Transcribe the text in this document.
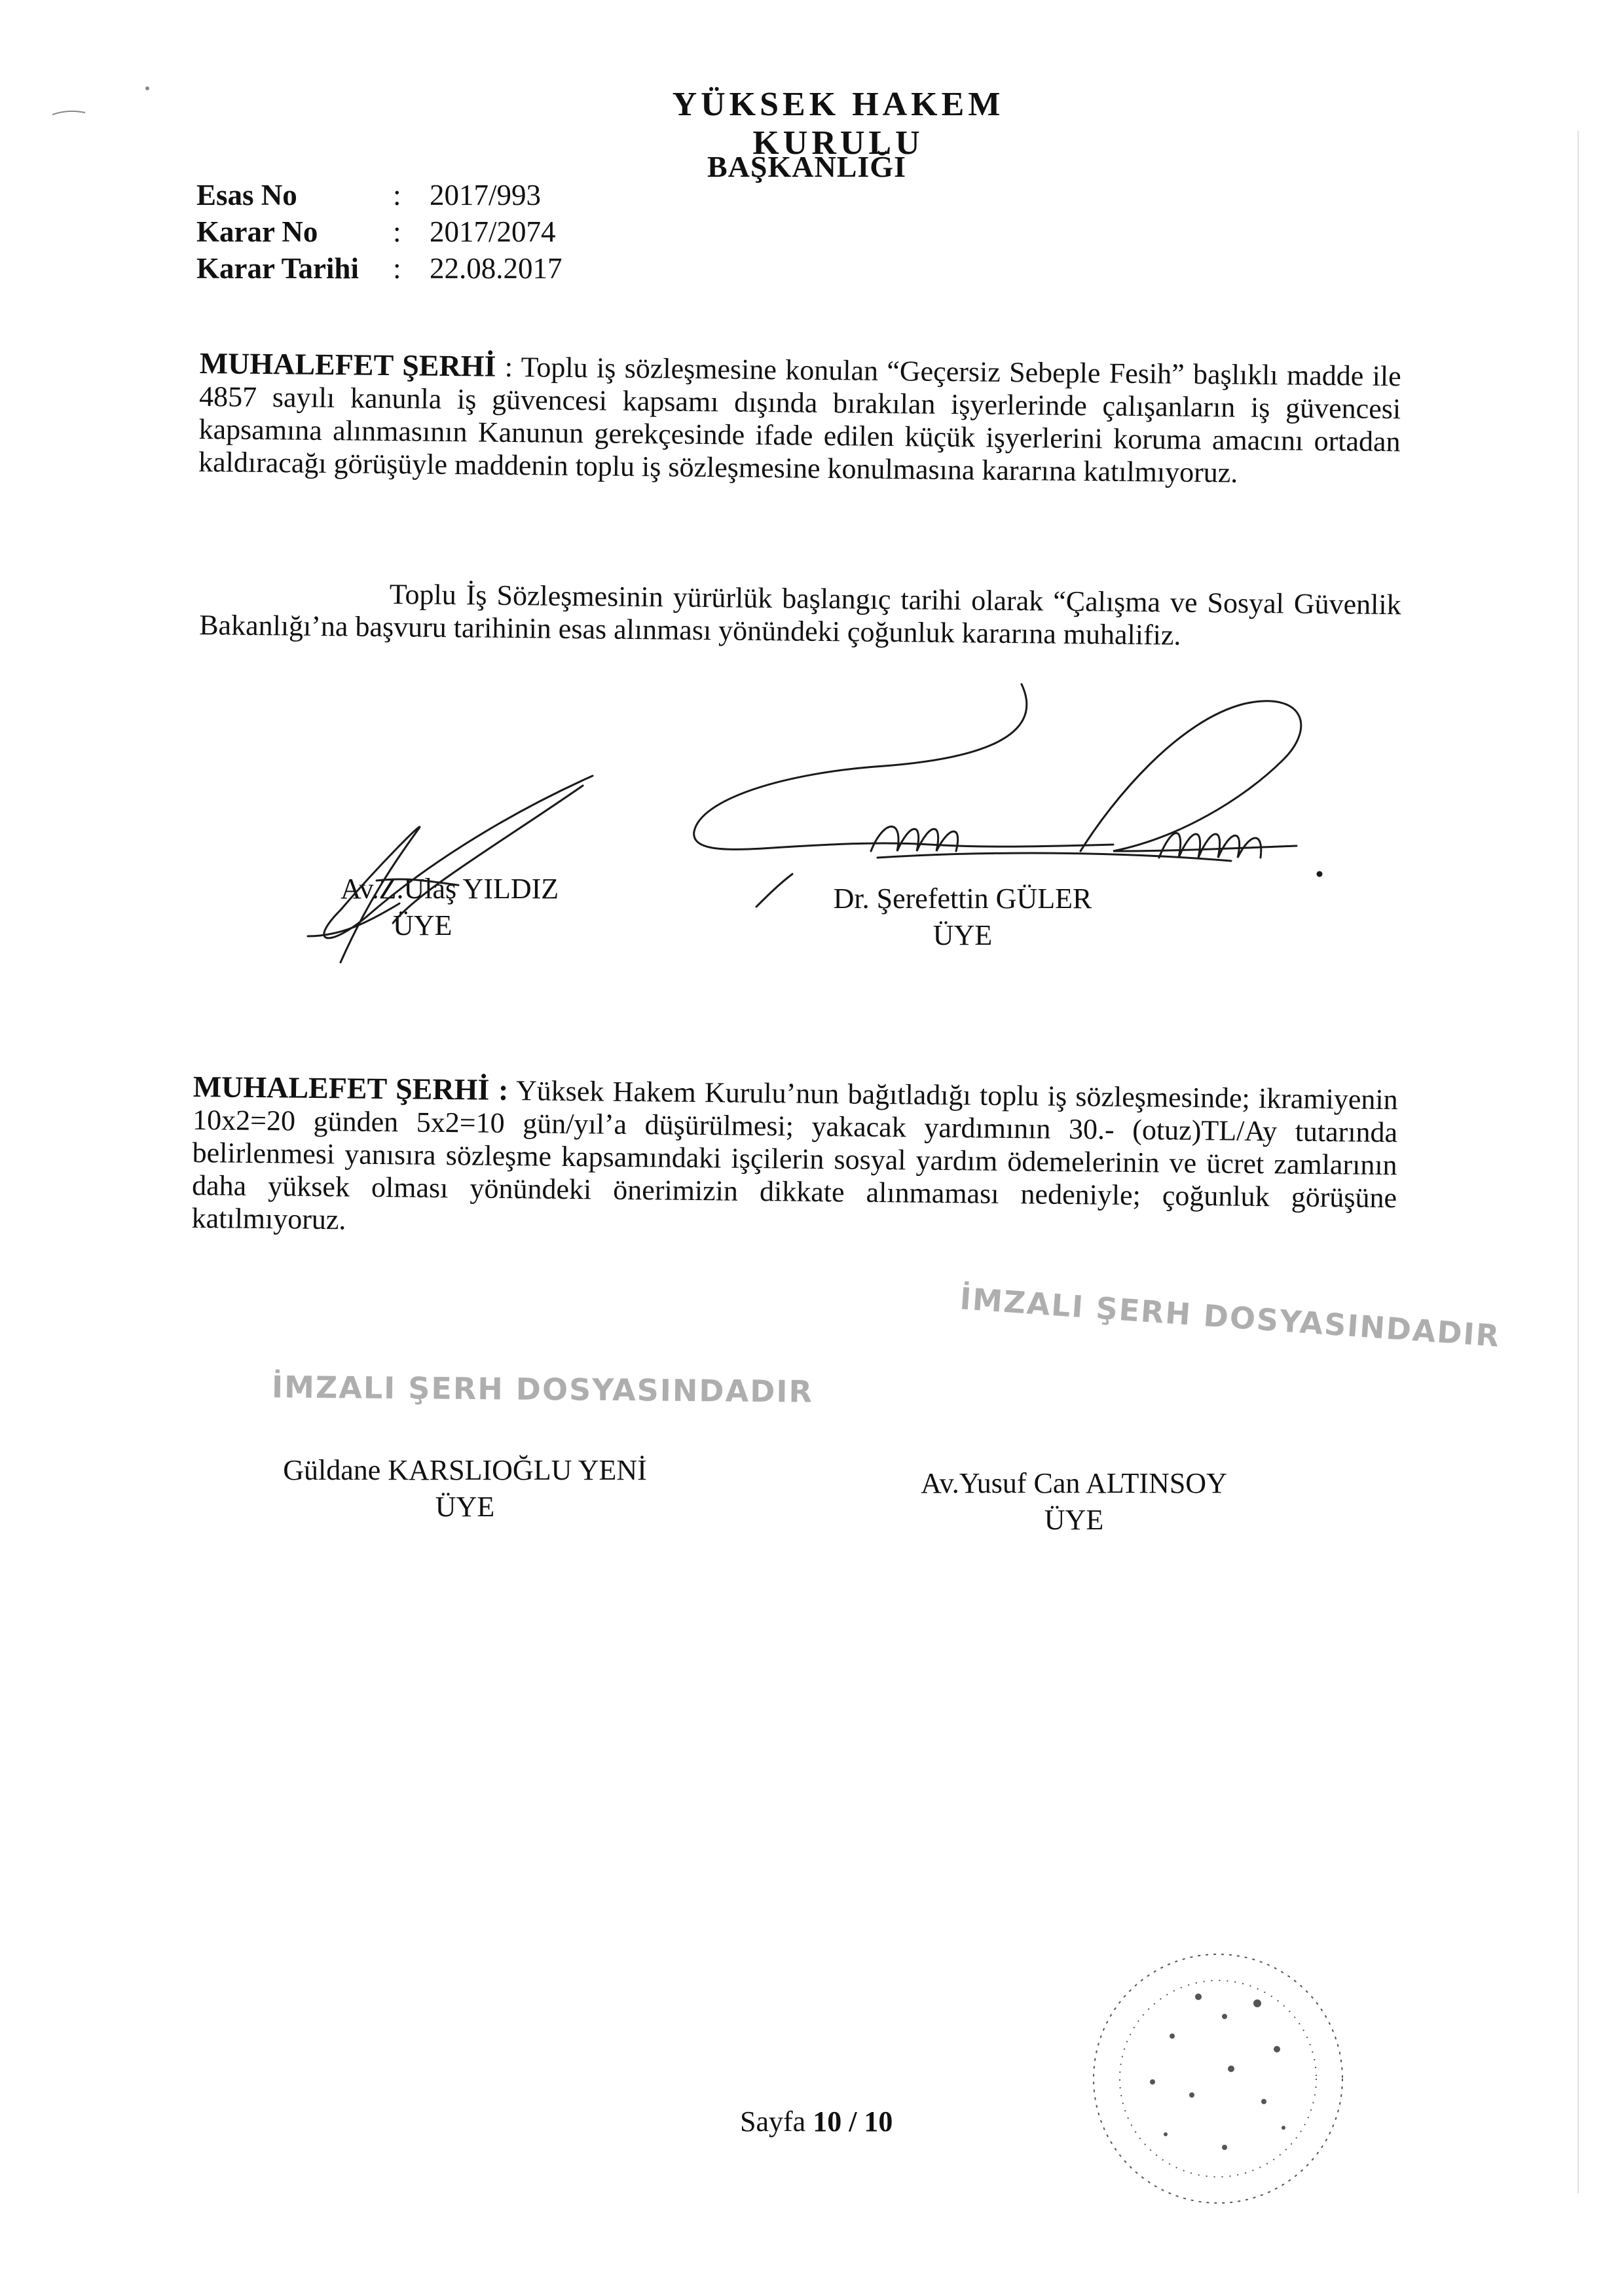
YÜKSEK HAKEM KURULU
BAŞKANLIĞI
Esas No	: 2017/993
Karar No	: 2017/2074
Karar Tarihi	: 22.08.2017
MUHALEFET ŞERHİ : Toplu iş sözleşmesine konulan “Geçersiz Sebeple Fesih” başlıklı madde ile 4857 sayılı kanunla iş güvencesi kapsamı dışında bırakılan işyerlerinde çalışanların iş güvencesi kapsamına alınmasının Kanunun gerekçesinde ifade edilen küçük işyerlerini koruma amacını ortadan kaldıracağı görüşüyle maddenin toplu iş sözleşmesine konulmasına kararına katılmıyoruz.
Toplu İş Sözleşmesinin yürürlük başlangıç tarihi olarak “Çalışma ve Sosyal Güvenlik Bakanlığı’na başvuru tarihinin esas alınması yönündeki çoğunluk kararına muhalifiz.
Av.Z.Ulaş YILDIZ
ÜYE
Dr. Şerefettin GÜLER
ÜYE
MUHALEFET ŞERHİ : Yüksek Hakem Kurulu’nun bağıtladığı toplu iş sözleşmesinde; ikramiyenin 10x2=20 günden 5x2=10 gün/yıl’a düşürülmesi; yakacak yardımının 30.- (otuz)TL/Ay tutarında belirlenmesi yanısıra sözleşme kapsamındaki işçilerin sosyal yardım ödemelerinin ve ücret zamlarının daha yüksek olması yönündeki önerimizin dikkate alınmaması nedeniyle; çoğunluk görüşüne katılmıyoruz.
İMZALI ŞERH DOSYASINDADIR
İMZALI ŞERH DOSYASINDADIR
Güldane KARSLIOĞLU YENİ
ÜYE
Av.Yusuf Can ALTINSOY
ÜYE
Sayfa 10 / 10
